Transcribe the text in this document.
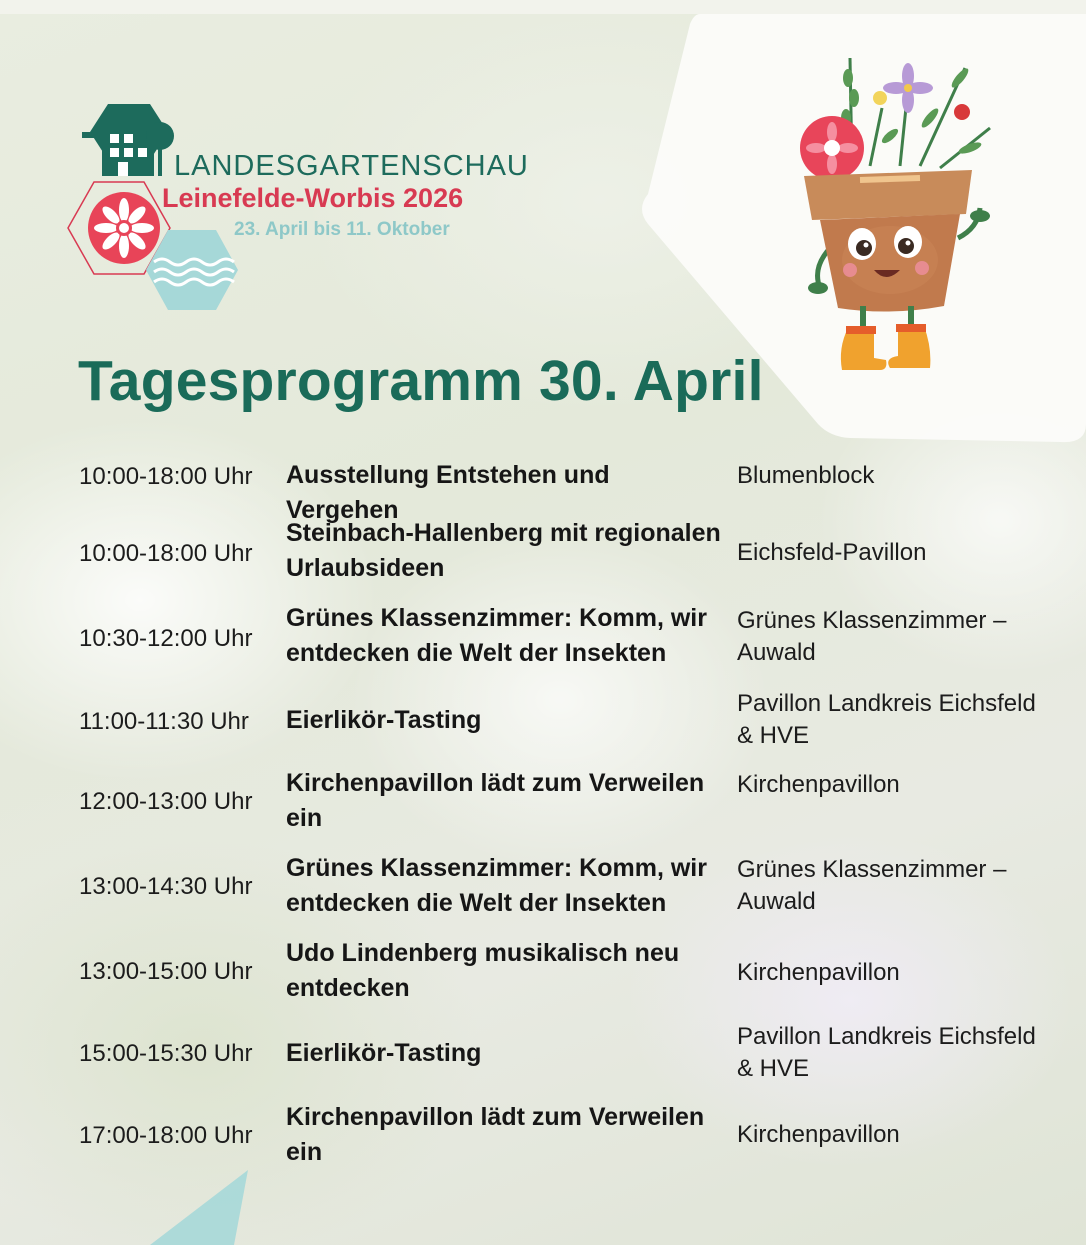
LANDESGARTENSCHAU
Leinefelde-Worbis 2026
23. April bis 11. Oktober
Tagesprogramm 30. April
10:00-18:00 Uhr Ausstellung Entstehen und Vergehen
Blumenblock
10:00-18:00 Uhr
Steinbach-Hallenberg mit regionalen Urlaubsideen
Eichsfeld-Pavillon
10:30-12:00 Uhr
Grünes Klassenzimmer: Komm, wir entdecken die Welt der Insekten
Grünes Klassenzimmer – Auwald
11:00-11:30 Uhr Eierlikör-Tasting
Pavillon Landkreis Eichsfeld & HVE
12:00-13:00 Uhr
Kirchenpavillon lädt zum Verweilen ein
Kirchenpavillon
13:00-14:30 Uhr
Grünes Klassenzimmer: Komm, wir entdecken die Welt der Insekten
Grünes Klassenzimmer – Auwald
13:00-15:00 Uhr
Udo Lindenberg musikalisch neu entdecken
Kirchenpavillon
15:00-15:30 Uhr Eierlikör-Tasting
Pavillon Landkreis Eichsfeld & HVE
17:00-18:00 Uhr
Kirchenpavillon lädt zum Verweilen ein
Kirchenpavillon
